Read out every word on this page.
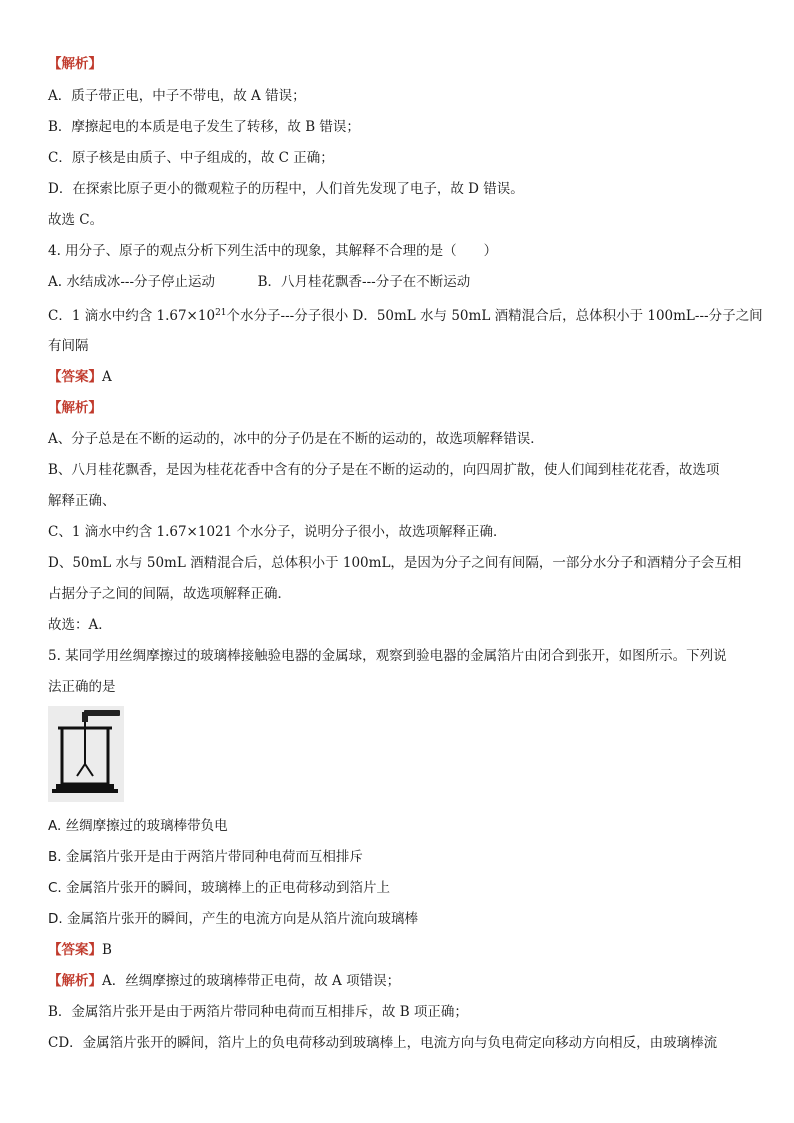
【解析】
A．质子带正电，中子不带电，故 A 错误；
B．摩擦起电的本质是电子发生了转移，故 B 错误；
C．原子核是由质子、中子组成的，故 C 正确；
D．在探索比原子更小的微观粒子的历程中，人们首先发现了电子，故 D 错误。
故选 C。
4. 用分子、原子的观点分析下列生活中的现象，其解释不合理的是（　　）
A. 水结成冰---分子停止运动	B．八月桂花飘香---分子在不断运动
C．1 滴水中约含 $1.67\times 10^{21}$个水分子---分子很小 D．50mL 水与 50mL 酒精混合后，总体积小于 100mL---分子之间
有间隔
【答案】A
【解析】
A、分子总是在不断的运动的，冰中的分子仍是在不断的运动的，故选项解释错误．
B、八月桂花飘香，是因为桂花花香中含有的分子是在不断的运动的，向四周扩散，使人们闻到桂花花香，故选项
解释正确、
C、1 滴水中约含 1.67×1021 个水分子，说明分子很小，故选项解释正确．
D、50mL 水与 50mL 酒精混合后，总体积小于 100mL，是因为分子之间有间隔，一部分水分子和酒精分子会互相
占据分子之间的间隔，故选项解释正确．
故选：A．
5. 某同学用丝绸摩擦过的玻璃棒接触验电器的金属球，观察到验电器的金属箔片由闭合到张开，如图所示。下列说
法正确的是
A. 丝绸摩擦过的玻璃棒带负电
B. 金属箔片张开是由于两箔片带同种电荷而互相排斥
C. 金属箔片张开的瞬间，玻璃棒上的正电荷移动到箔片上
D. 金属箔片张开的瞬间，产生的电流方向是从箔片流向玻璃棒
【答案】B
【解析】A．丝绸摩擦过的玻璃棒带正电荷，故 A 项错误；
B．金属箔片张开是由于两箔片带同种电荷而互相排斥，故 B 项正确；
CD．金属箔片张开的瞬间，箔片上的负电荷移动到玻璃棒上，电流方向与负电荷定向移动方向相反，由玻璃棒流
